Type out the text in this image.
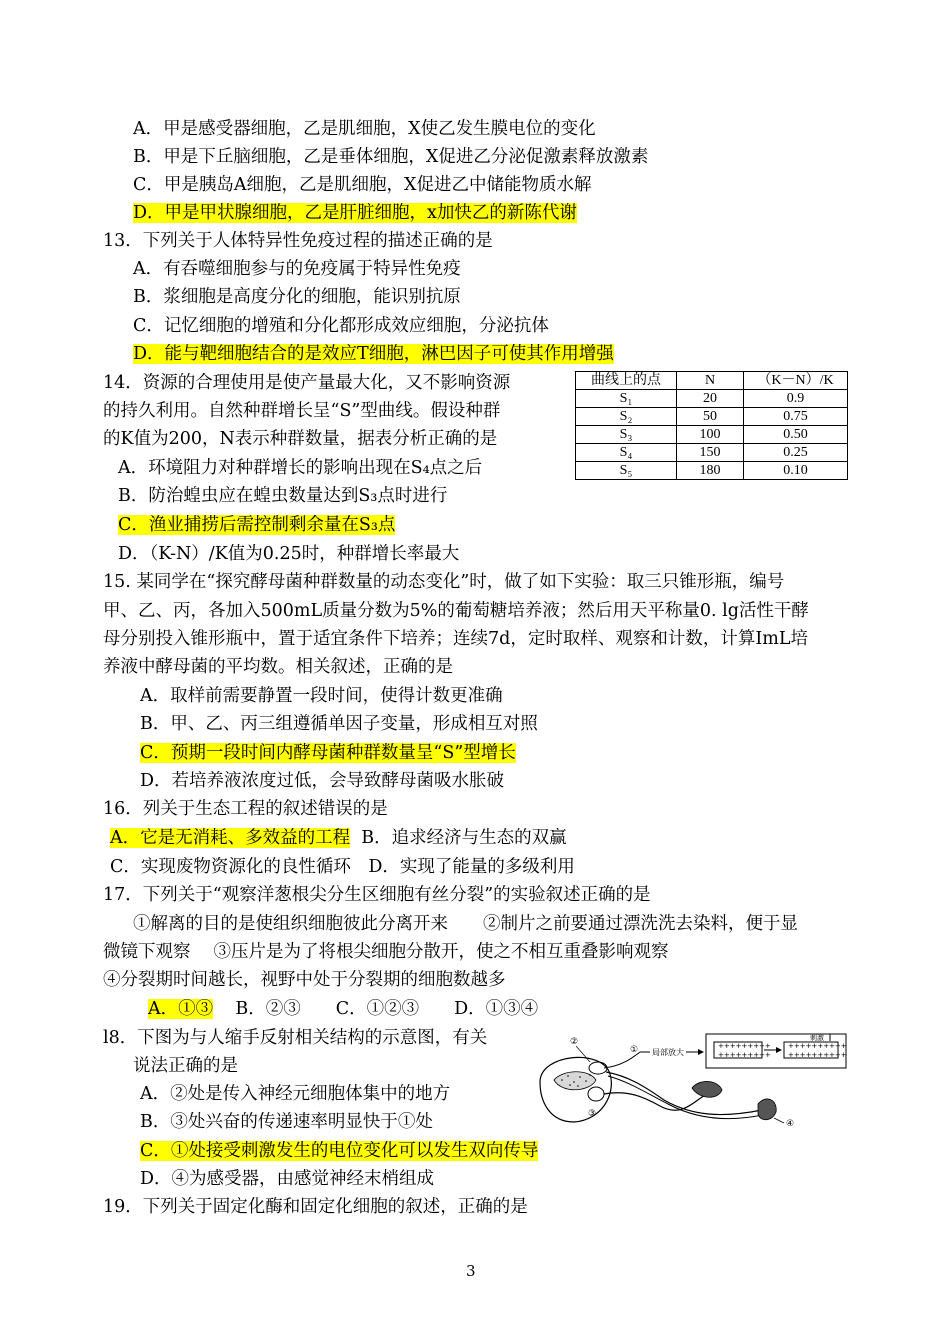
A．甲是感受器细胞，乙是肌细胞，X使乙发生膜电位的变化
B．甲是下丘脑细胞，乙是垂体细胞，X促进乙分泌促激素释放激素
C．甲是胰岛A细胞，乙是肌细胞，X促进乙中储能物质水解
D．甲是甲状腺细胞，乙是肝脏细胞，x加快乙的新陈代谢
13．下列关于人体特异性免疫过程的描述正确的是
A．有吞噬细胞参与的免疫属于特异性免疫
B．浆细胞是高度分化的细胞，能识别抗原
C．记忆细胞的增殖和分化都形成效应细胞，分泌抗体
D．能与靶细胞结合的是效应T细胞，淋巴因子可使其作用增强
14．资源的合理使用是使产量最大化，又不影响资源
的持久利用。自然种群增长呈“S”型曲线。假设种群
的K值为200，N表示种群数量，据表分析正确的是
A．环境阻力对种群增长的影响出现在S₄点之后
B．防治蝗虫应在蝗虫数量达到S₃点时进行
C．渔业捕捞后需控制剩余量在S₃点
D．（K-N）/K值为0.25时，种群增长率最大
曲线上的点	N	（K－N）/K
S₁	20	0.9
S₂	50	0.75
S₃	100	0.50
S₄	150	0.25
S₅	180	0.10
15. 某同学在“探究酵母菌种群数量的动态变化”时，做了如下实验：取三只锥形瓶，编号
甲、乙、丙，各加入500mL质量分数为5%的葡萄糖培养液；然后用天平称量0. lg活性干酵
母分别投入锥形瓶中，置于适宜条件下培养；连续7d，定时取样、观察和计数，计算ImL培
养液中酵母菌的平均数。相关叙述，正确的是
A．取样前需要静置一段时间，使得计数更准确
B．甲、乙、丙三组遵循单因子变量，形成相互对照
C．预期一段时间内酵母菌种群数量呈“S”型增长
D．若培养液浓度过低，会导致酵母菌吸水胀破
16．列关于生态工程的叙述错误的是
A．它是无消耗、多效益的工程 B．追求经济与生态的双赢
C．实现废物资源化的良性循环　D．实现了能量的多级利用
17．下列关于“观察洋葱根尖分生区细胞有丝分裂”的实验叙述正确的是
①解离的目的是使组织细胞彼此分离开来　　②制片之前要通过漂洗洗去染料，便于显
微镜下观察　 ③压片是为了将根尖细胞分散开，使之不相互重叠影响观察
④分裂期时间越长，视野中处于分裂期的细胞数越多
A．①③ B．②③　　C．①②③　　D．①③④
l8．下图为与人缩手反射相关结构的示意图，有关
说法正确的是
A．②处是传入神经元细胞体集中的地方
B．③处兴奋的传递速率明显快于①处
C．①处接受刺激发生的电位变化可以发生双向传导
D．④为感受器，由感觉神经末梢组成
局部放大
+++++++++
+++++++++
++++++++++
++++++++++
刺激
②
①
③
④
19．下列关于固定化酶和固定化细胞的叙述，正确的是
3
